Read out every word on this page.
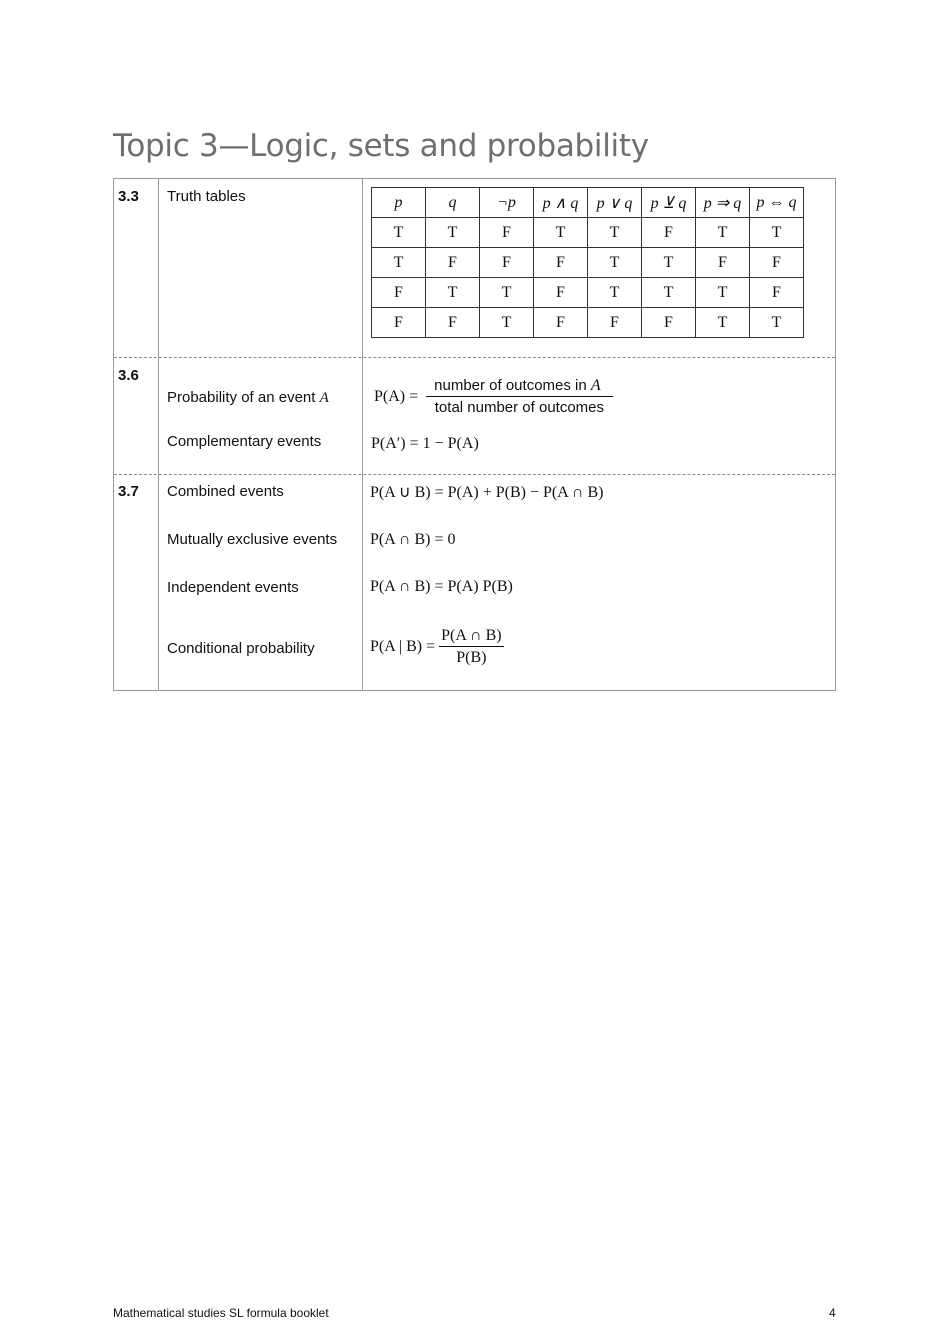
Topic 3—Logic, sets and probability
3.3 Truth tables	p	q	¬p	p ∧ q	p ∨ q	p ⊻ q	p ⇒ q	p ⇔ q
T	T	F	T	T	F	T	T
T	F	F	F	T	T	F	F
F	T	T	F	T	T	T	F
F	F	T	F	F	F	T	T
3.6
Probability of an event A	P(A) =
number of outcomes in A
total number of outcomes
Complementary events	P(A′) = 1 − P(A)
3.7 Combined events	P(A ∪ B) = P(A) + P(B) − P(A ∩ B)
Mutually exclusive events P(A ∩ B) = 0
Independent events	P(A ∩ B) = P(A) P(B)
Conditional probability	P(A | $B) = \frac{P(A \cap B)}{P(B)}$
Mathematical studies SL formula booklet	4
